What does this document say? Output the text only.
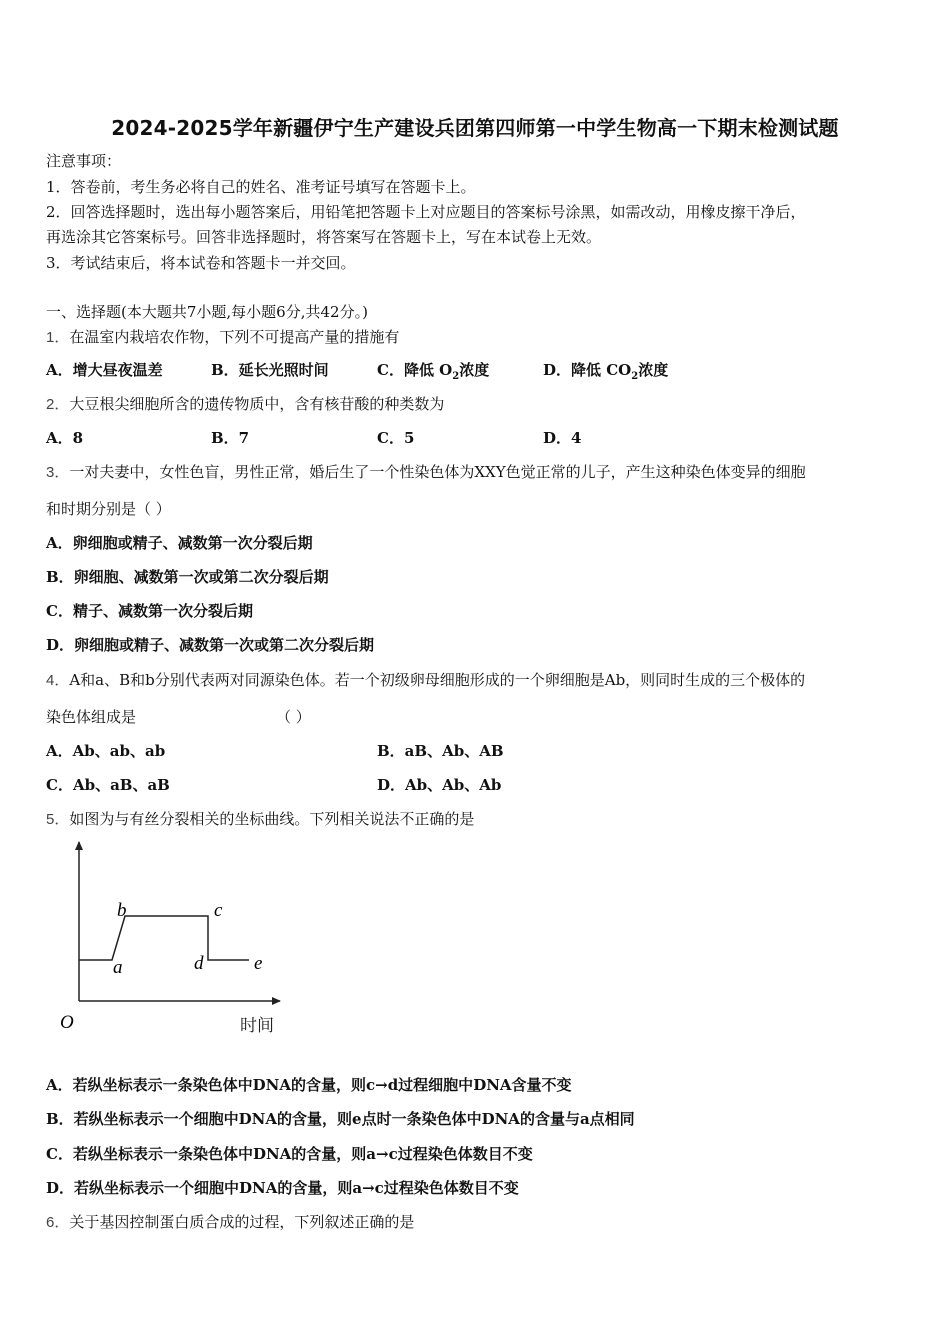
2024-2025学年新疆伊宁生产建设兵团第四师第一中学生物高一下期末检测试题
注意事项：
1．答卷前，考生务必将自己的姓名、准考证号填写在答题卡上。
2．回答选择题时，选出每小题答案后，用铅笔把答题卡上对应题目的答案标号涂黑，如需改动，用橡皮擦干净后，
再选涂其它答案标号。回答非选择题时，将答案写在答题卡上，写在本试卷上无效。
3．考试结束后，将本试卷和答题卡一并交回。
一、选择题(本大题共7小题,每小题6分,共42分。)
1．在温室内栽培农作物，下列不可提高产量的措施有
A．增大昼夜温差	B．延长光照时间	C．降低 $O_2$浓度	D．降低 $CO_2$浓度
2．大豆根尖细胞所含的遗传物质中，含有核苷酸的种类数为
A．8	B．7	C．5	D．4
3．一对夫妻中，女性色盲，男性正常，婚后生了一个性染色体为XXY色觉正常的儿子，产生这种染色体变异的细胞
和时期分别是（ ）
A．卵细胞或精子、减数第一次分裂后期
B．卵细胞、减数第一次或第二次分裂后期
C．精子、减数第一次分裂后期
D．卵细胞或精子、减数第一次或第二次分裂后期
4．A和a、B和b分别代表两对同源染色体。若一个初级卵母细胞形成的一个卵细胞是Ab，则同时生成的三个极体的
染色体组成是	（ ）
A．Ab、ab、ab	B．aB、Ab、AB
C．Ab、aB、aB	D．Ab、Ab、Ab
5．如图为与有丝分裂相关的坐标曲线。下列相关说法不正确的是
O	时间
a
b	c
d	e
A．若纵坐标表示一条染色体中DNA的含量，则c→d过程细胞中DNA含量不变
B．若纵坐标表示一个细胞中DNA的含量，则e点时一条染色体中DNA的含量与a点相同
C．若纵坐标表示一条染色体中DNA的含量，则a→c过程染色体数目不变
D．若纵坐标表示一个细胞中DNA的含量，则a→c过程染色体数目不变
6．关于基因控制蛋白质合成的过程，下列叙述正确的是
